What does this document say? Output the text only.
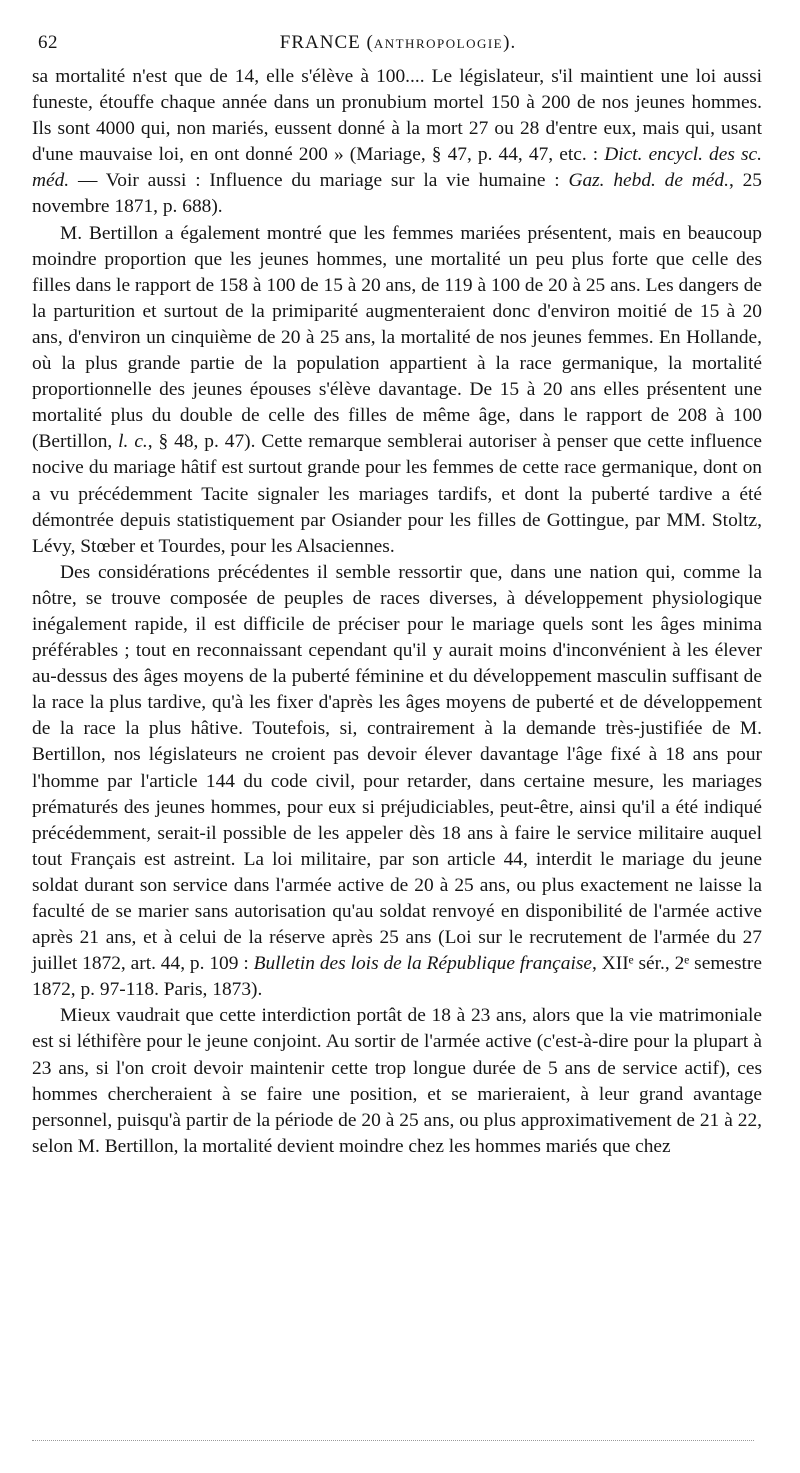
62	FRANCE (ANTHROPOLOGIE).

sa mortalité n'est que de 14, elle s'élève à 100.... Le législateur, s'il maintient une loi aussi funeste, étouffe chaque année dans un pronubium mortel 150 à 200 de nos jeunes hommes. Ils sont 4000 qui, non mariés, eussent donné à la mort 27 ou 28 d'entre eux, mais qui, usant d'une mauvaise loi, en ont donné 200 » (Mariage, § 47, p. 44, 47, etc. : Dict. encycl. des sc. méd. — Voir aussi : Influence du mariage sur la vie humaine : Gaz. hebd. de méd., 25 novembre 1871, p. 688).

M. Bertillon a également montré que les femmes mariées présentent, mais en beaucoup moindre proportion que les jeunes hommes, une mortalité un peu plus forte que celle des filles dans le rapport de 158 à 100 de 15 à 20 ans, de 119 à 100 de 20 à 25 ans. Les dangers de la parturition et surtout de la primiparité augmenteraient donc d'environ moitié de 15 à 20 ans, d'environ un cinquième de 20 à 25 ans, la mortalité de nos jeunes femmes. En Hollande, où la plus grande partie de la population appartient à la race germanique, la mortalité proportionnelle des jeunes épouses s'élève davantage. De 15 à 20 ans elles présentent une mortalité plus du double de celle des filles de même âge, dans le rapport de 208 à 100 (Bertillon, l. c., § 48, p. 47). Cette remarque semblerai autoriser à penser que cette influence nocive du mariage hâtif est surtout grande pour les femmes de cette race germanique, dont on a vu précédemment Tacite signaler les mariages tardifs, et dont la puberté tardive a été démontrée depuis statistiquement par Osiander pour les filles de Gottingue, par MM. Stoltz, Lévy, Stœber et Tourdes, pour les Alsaciennes.

Des considérations précédentes il semble ressortir que, dans une nation qui, comme la nôtre, se trouve composée de peuples de races diverses, à développement physiologique inégalement rapide, il est difficile de préciser pour le mariage quels sont les âges minima préférables ; tout en reconnaissant cependant qu'il y aurait moins d'inconvénient à les élever au-dessus des âges moyens de la puberté féminine et du développement masculin suffisant de la race la plus tardive, qu'à les fixer d'après les âges moyens de puberté et de développement de la race la plus hâtive. Toutefois, si, contrairement à la demande très-justifiée de M. Bertillon, nos législateurs ne croient pas devoir élever davantage l'âge fixé à 18 ans pour l'homme par l'article 144 du code civil, pour retarder, dans certaine mesure, les mariages prématurés des jeunes hommes, pour eux si préjudiciables, peut-être, ainsi qu'il a été indiqué précédemment, serait-il possible de les appeler dès 18 ans à faire le service militaire auquel tout Français est astreint. La loi militaire, par son article 44, interdit le mariage du jeune soldat durant son service dans l'armée active de 20 à 25 ans, ou plus exactement ne laisse la faculté de se marier sans autorisation qu'au soldat renvoyé en disponibilité de l'armée active après 21 ans, et à celui de la réserve après 25 ans (Loi sur le recrutement de l'armée du 27 juillet 1872, art. 44, p. 109 : Bulletin des lois de la République française, XIIᵉ sér., 2ᵉ semestre 1872, p. 97-118. Paris, 1873).

Mieux vaudrait que cette interdiction portât de 18 à 23 ans, alors que la vie matrimoniale est si léthifère pour le jeune conjoint. Au sortir de l'armée active (c'est-à-dire pour la plupart à 23 ans, si l'on croit devoir maintenir cette trop longue durée de 5 ans de service actif), ces hommes chercheraient à se faire une position, et se marieraient, à leur grand avantage personnel, puisqu'à partir de la période de 20 à 25 ans, ou plus approximativement de 21 à 22, selon M. Bertillon, la mortalité devient moindre chez les hommes mariés que chez
